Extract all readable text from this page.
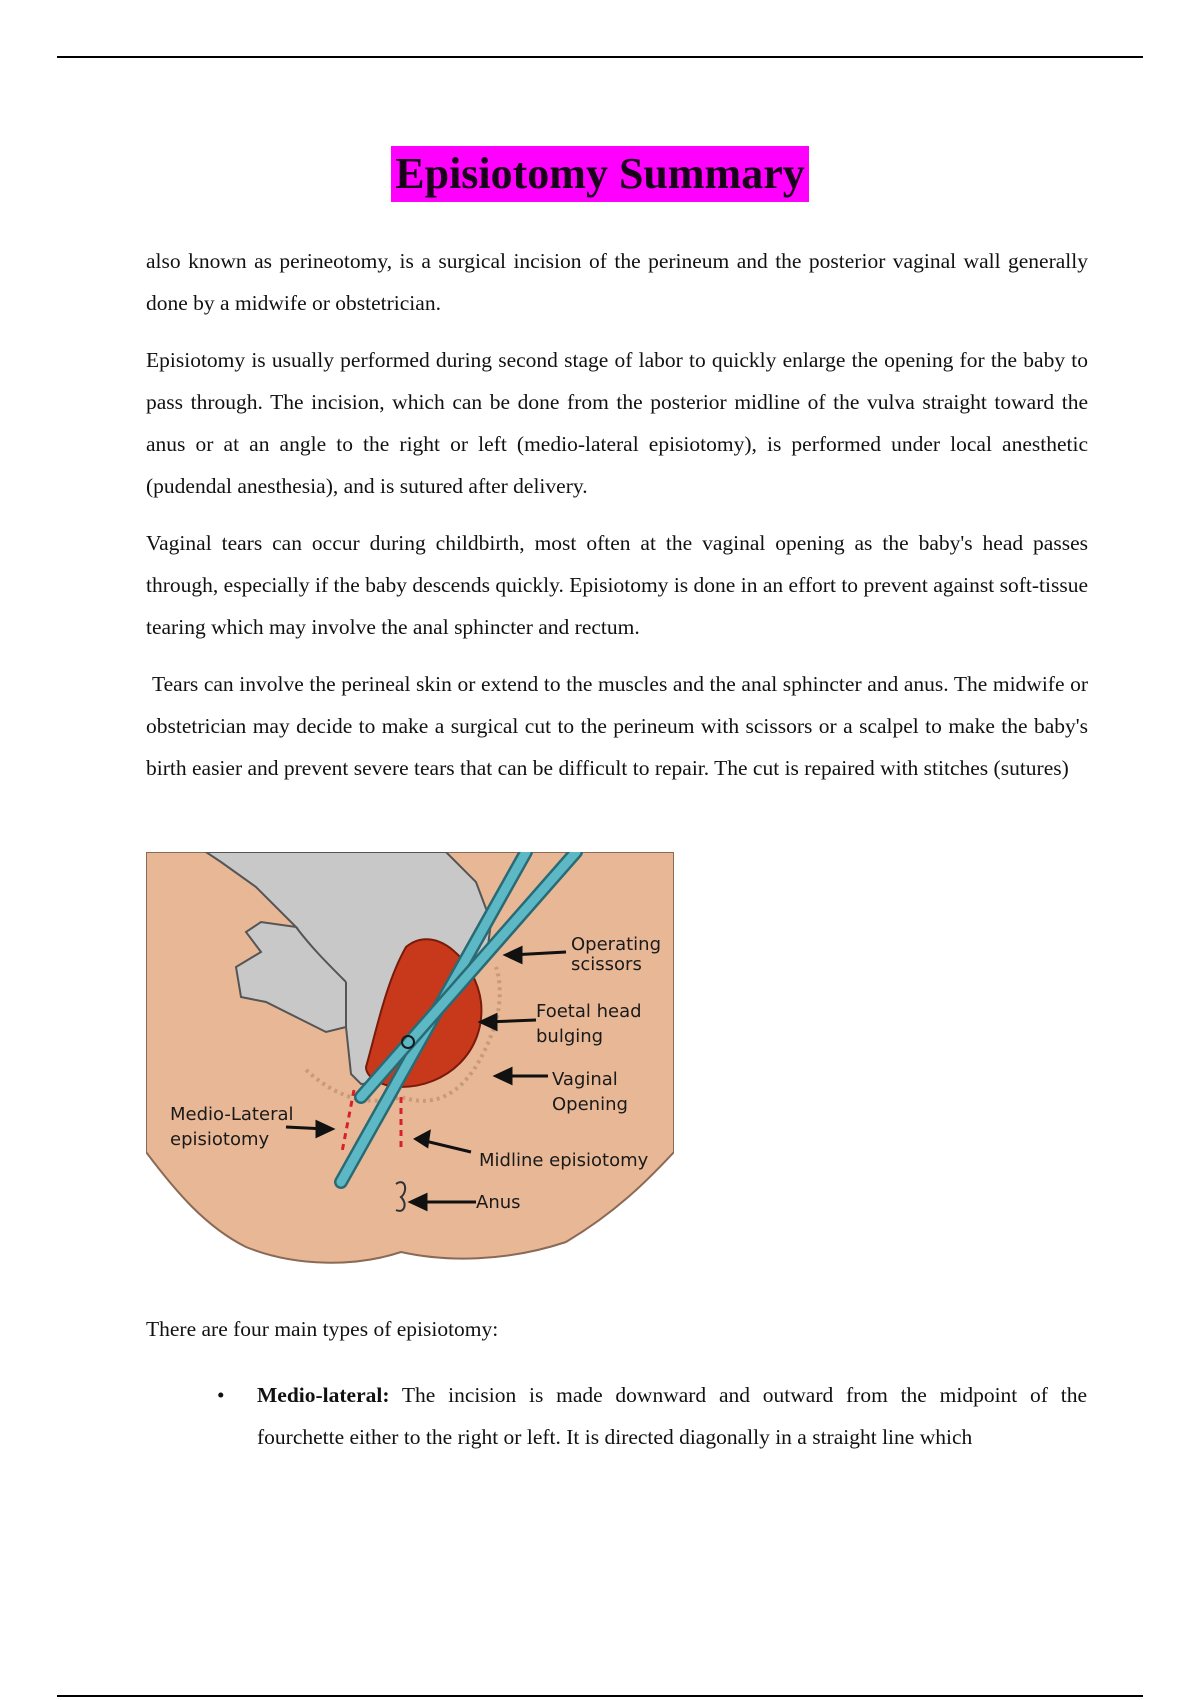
Episiotomy Summary

also known as perineotomy, is a surgical incision of the perineum and the posterior vaginal wall generally done by a midwife or obstetrician.

Episiotomy is usually performed during second stage of labor to quickly enlarge the opening for the baby to pass through. The incision, which can be done from the posterior midline of the vulva straight toward the anus or at an angle to the right or left (medio-lateral episiotomy), is performed under local anesthetic (pudendal anesthesia), and is sutured after delivery.

Vaginal tears can occur during childbirth, most often at the vaginal opening as the baby's head passes through, especially if the baby descends quickly. Episiotomy is done in an effort to prevent against soft-tissue tearing which may involve the anal sphincter and rectum.

Tears can involve the perineal skin or extend to the muscles and the anal sphincter and anus. The midwife or obstetrician may decide to make a surgical cut to the perineum with scissors or a scalpel to make the baby's birth easier and prevent severe tears that can be difficult to repair. The cut is repaired with stitches (sutures)

Operating
scissors
Foetal head
bulging
Vaginal
Opening
Medio-Lateral
episiotomy
Midline episiotomy
Anus
There are four main types of episiotomy:
• Medio-lateral: The incision is made downward and outward from the midpoint of the fourchette either to the right or left. It is directed diagonally in a straight line which
